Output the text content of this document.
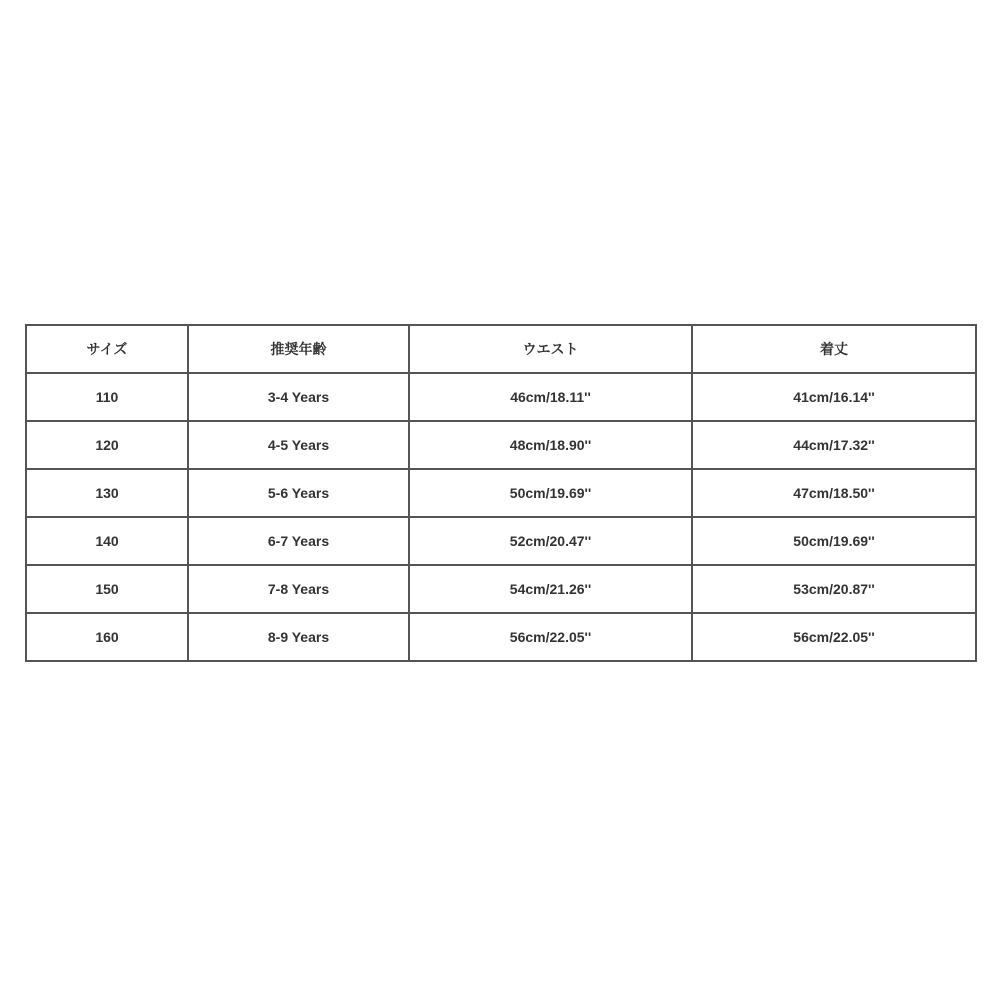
サイズ	推奨年齢	ウエスト	着丈
110	3-4 Years	46cm/18.11''	41cm/16.14''
120	4-5 Years	48cm/18.90''	44cm/17.32''
130	5-6 Years	50cm/19.69''	47cm/18.50''
140	6-7 Years	52cm/20.47''	50cm/19.69''
150	7-8 Years	54cm/21.26''	53cm/20.87''
160	8-9 Years	56cm/22.05''	56cm/22.05''
